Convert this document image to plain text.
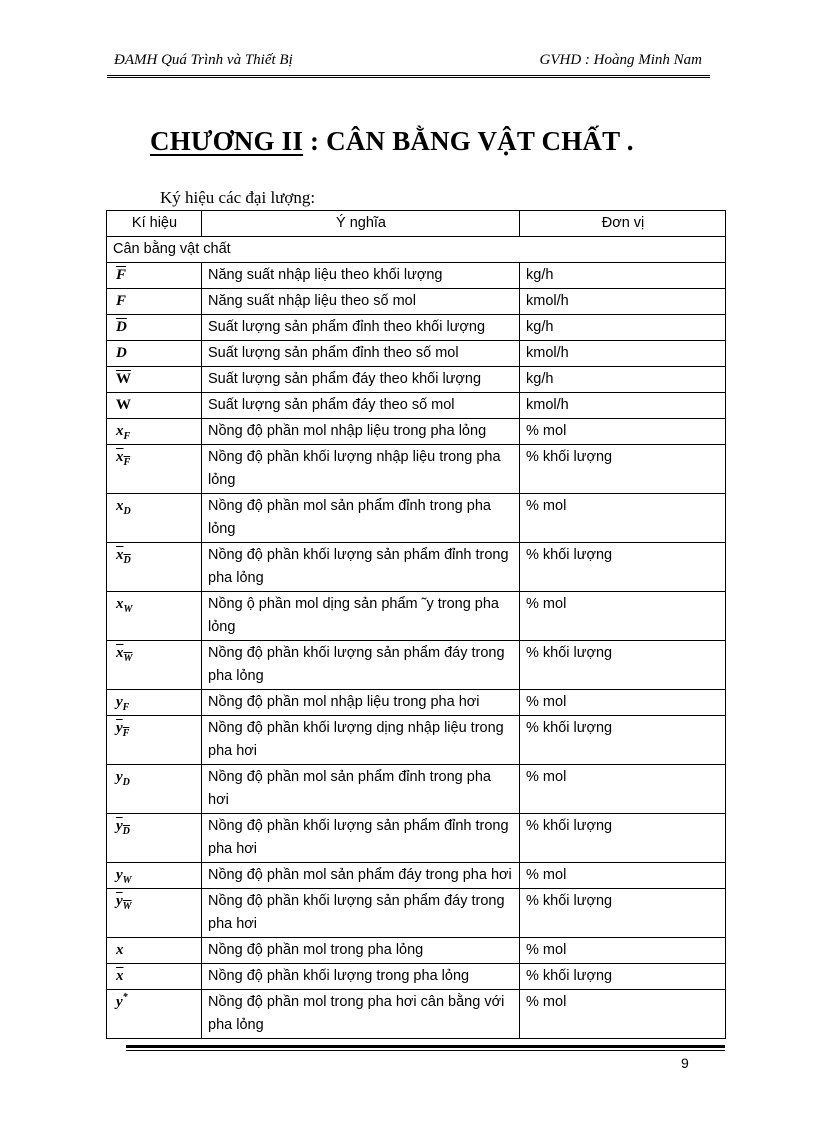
ĐAMH Quá Trình và Thiết Bị	GVHD : Hoàng Minh Nam
CHƯƠNG II : CÂN BẰNG VẬT CHẤT .
Ký hiệu các đại lượng:
Kí hiệu	Ý nghĩa	Đơn vị
Cân bằng vật chất		
$\overline{F}$	Năng suất nhập liệu theo khối lượng	kg/h
F	Năng suất nhập liệu theo số mol	kmol/h
$\overline{D}$	Suất lượng sản phẩm đỉnh theo khối lượng	kg/h
D	Suất lượng sản phẩm đỉnh theo số mol	kmol/h
$\overline{W}$	Suất lượng sản phẩm đáy theo khối lượng	kg/h
W	Suất lượng sản phẩm đáy theo số mol	kmol/h
$x_F$	Nồng độ phần mol nhập liệu trong pha lỏng	% mol
$x_F$	Nồng độ phần khối lượng nhập liệu trong pha lỏng	% khối lượng
$x_D$	Nồng độ phần mol sản phẩm đỉnh trong pha lỏng	% mol
$x_D$	Nồng độ phần khối lượng sản phẩm đỉnh trong pha lỏng	% khối lượng
$x_W$	Nồng ộ phần mol dịng sản phẩm ˜y trong pha lỏng	% mol
$x_W$	Nồng độ phần khối lượng sản phẩm đáy trong pha lỏng	% khối lượng
$y_F$	Nồng độ phần mol nhập liệu trong pha hơi	% mol
$y_F$	Nồng độ phần khối lượng dịng nhập liệu trong pha hơi	% khối lượng
$y_D$	Nồng độ phần mol sản phẩm đỉnh trong pha hơi	% mol
$y_D$	Nồng độ phần khối lượng sản phẩm đỉnh trong pha hơi	% khối lượng
$y_W$	Nồng độ phần mol sản phẩm đáy trong pha hơi	% mol
$y_W$	Nồng độ phần khối lượng sản phẩm đáy trong pha hơi	% khối lượng
x	Nồng độ phần mol trong pha lỏng	% mol
$\overline{x}$	Nồng độ phần khối lượng trong pha lỏng	% khối lượng
y*	Nồng độ phần mol trong pha hơi cân bằng với pha lỏng	% mol
9
